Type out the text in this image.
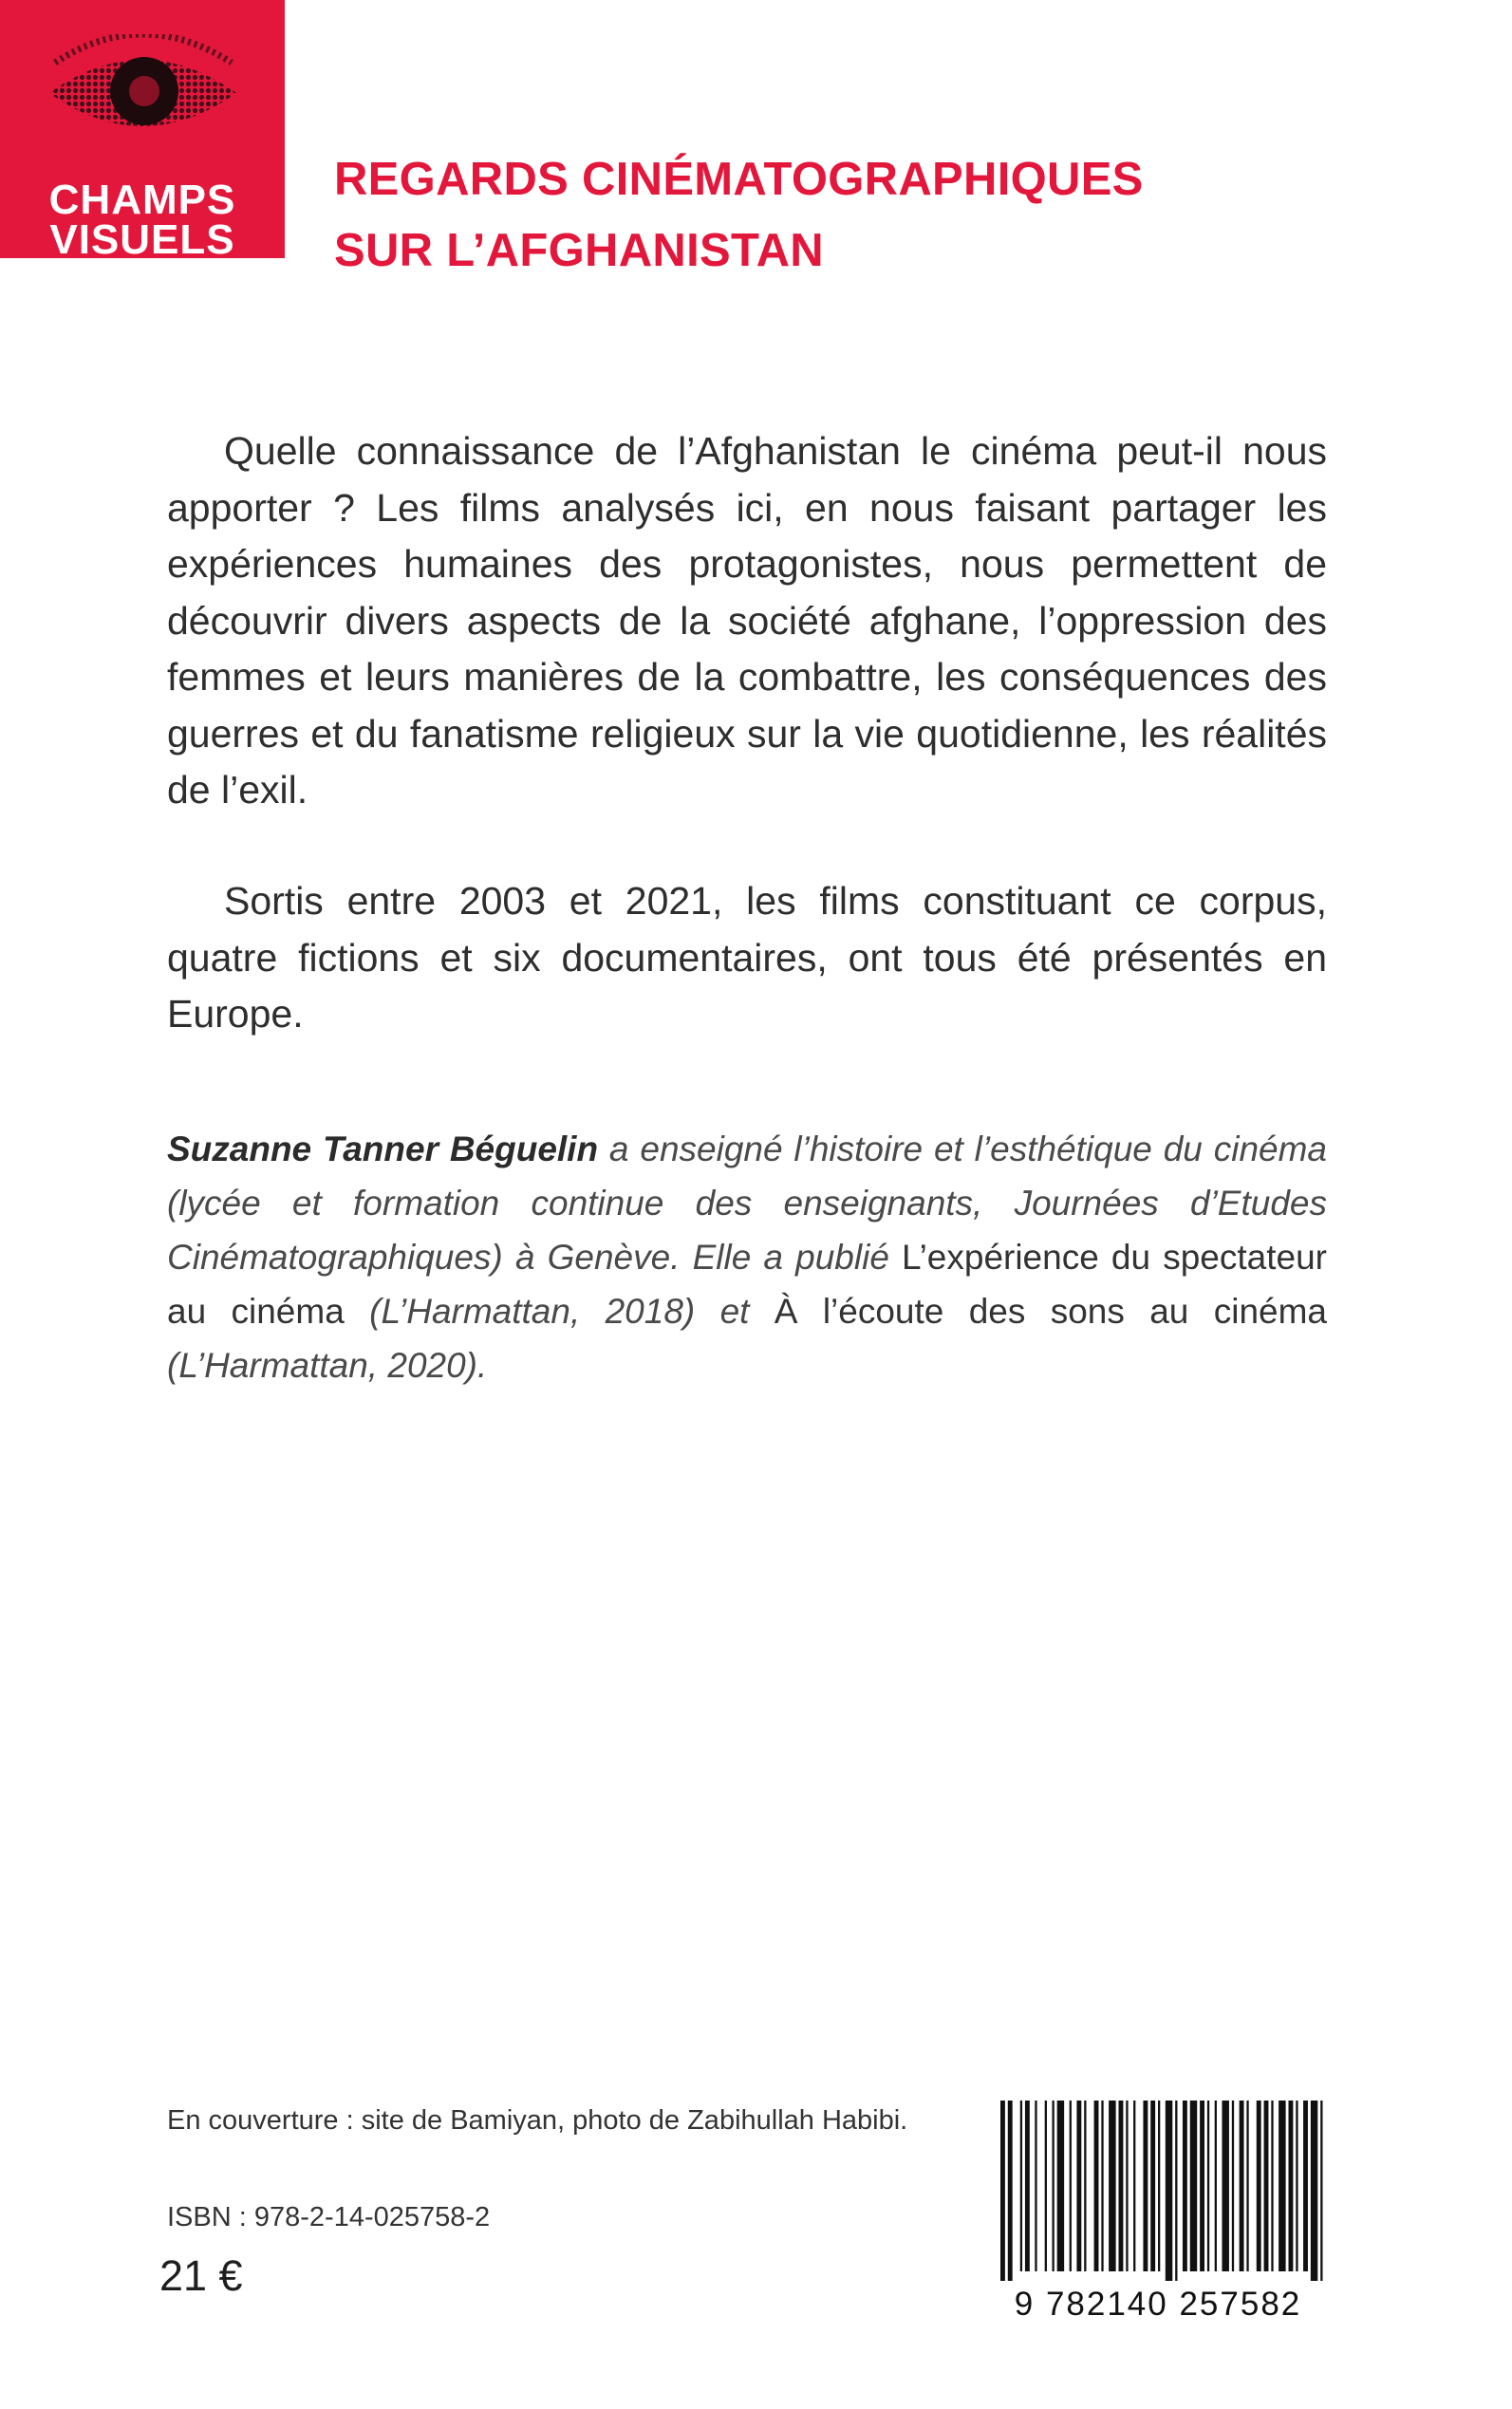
CHAMPS
VISUELS
REGARDS CINÉMATOGRAPHIQUES
SUR L’AFGHANISTAN
Quelle connaissance de l’Afghanistan le cinéma peut-il nous apporter ? Les films analysés ici, en nous faisant partager les expériences humaines des protagonistes, nous permettent de découvrir divers aspects de la société afghane, l’oppression des femmes et leurs manières de la combattre, les conséquences des guerres et du fanatisme religieux sur la vie quotidienne, les réalités de l’exil.
Sortis entre 2003 et 2021, les films constituant ce corpus, quatre fictions et six documentaires, ont tous été présentés en Europe.
Suzanne Tanner Béguelin a enseigné l’histoire et l’esthétique du cinéma (lycée et formation continue des enseignants, Journées d’Etudes Cinématographiques) à Genève. Elle a publié L’expérience du spectateur au cinéma (L’Harmattan, 2018) et À l’écoute des sons au cinéma (L’Harmattan, 2020).
En couverture : site de Bamiyan, photo de Zabihullah Habibi.
ISBN : 978-2-14-025758-2
21 €
9 782140 257582
